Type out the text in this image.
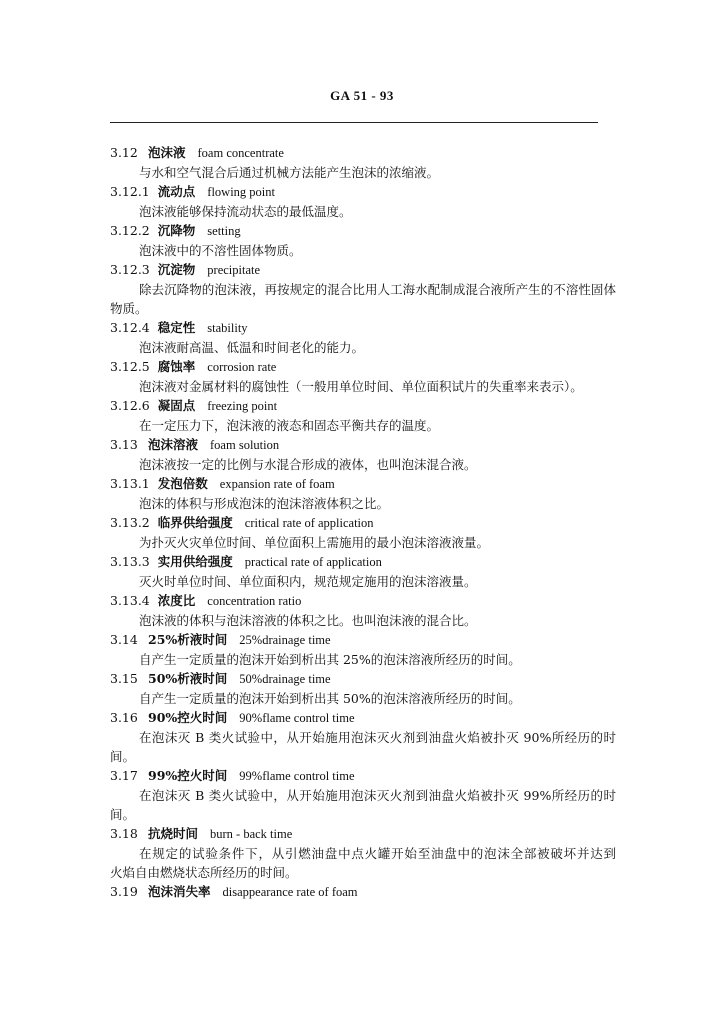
GA 51 - 93
3.12 泡沫液 foam concentrate
与水和空气混合后通过机械方法能产生泡沫的浓缩液。
3.12.1 流动点 flowing point
泡沫液能够保持流动状态的最低温度。
3.12.2 沉降物 setting
泡沫液中的不溶性固体物质。
3.12.3 沉淀物 precipitate
除去沉降物的泡沫液，再按规定的混合比用人工海水配制成混合液所产生的不溶性固体物质。
3.12.4 稳定性 stability
泡沫液耐高温、低温和时间老化的能力。
3.12.5 腐蚀率 corrosion rate
泡沫液对金属材料的腐蚀性（一般用单位时间、单位面积试片的失重率来表示）。
3.12.6 凝固点 freezing point
在一定压力下，泡沫液的液态和固态平衡共存的温度。
3.13 泡沫溶液 foam solution
泡沫液按一定的比例与水混合形成的液体，也叫泡沫混合液。
3.13.1 发泡倍数 expansion rate of foam
泡沫的体积与形成泡沫的泡沫溶液体积之比。
3.13.2 临界供给强度 critical rate of application
为扑灭火灾单位时间、单位面积上需施用的最小泡沫溶液液量。
3.13.3 实用供给强度 practical rate of application
灭火时单位时间、单位面积内，规范规定施用的泡沫溶液量。
3.13.4 浓度比 concentration ratio
泡沫液的体积与泡沫溶液的体积之比。也叫泡沫液的混合比。
3.14 25%析液时间 25%drainage time
自产生一定质量的泡沫开始到析出其 25%的泡沫溶液所经历的时间。
3.15 50%析液时间 50%drainage time
自产生一定质量的泡沫开始到析出其 50%的泡沫溶液所经历的时间。
3.16 90%控火时间 90%flame control time
在泡沫灭 B 类火试验中，从开始施用泡沫灭火剂到油盘火焰被扑灭 90%所经历的时间。
3.17 99%控火时间 99%flame control time
在泡沫灭 B 类火试验中，从开始施用泡沫灭火剂到油盘火焰被扑灭 99%所经历的时间。
3.18 抗烧时间 burn - back time
在规定的试验条件下，从引燃油盘中点火罐开始至油盘中的泡沫全部被破坏并达到　　火焰自由燃烧状态所经历的时间。
3.19 泡沫消失率 disappearance rate of foam
